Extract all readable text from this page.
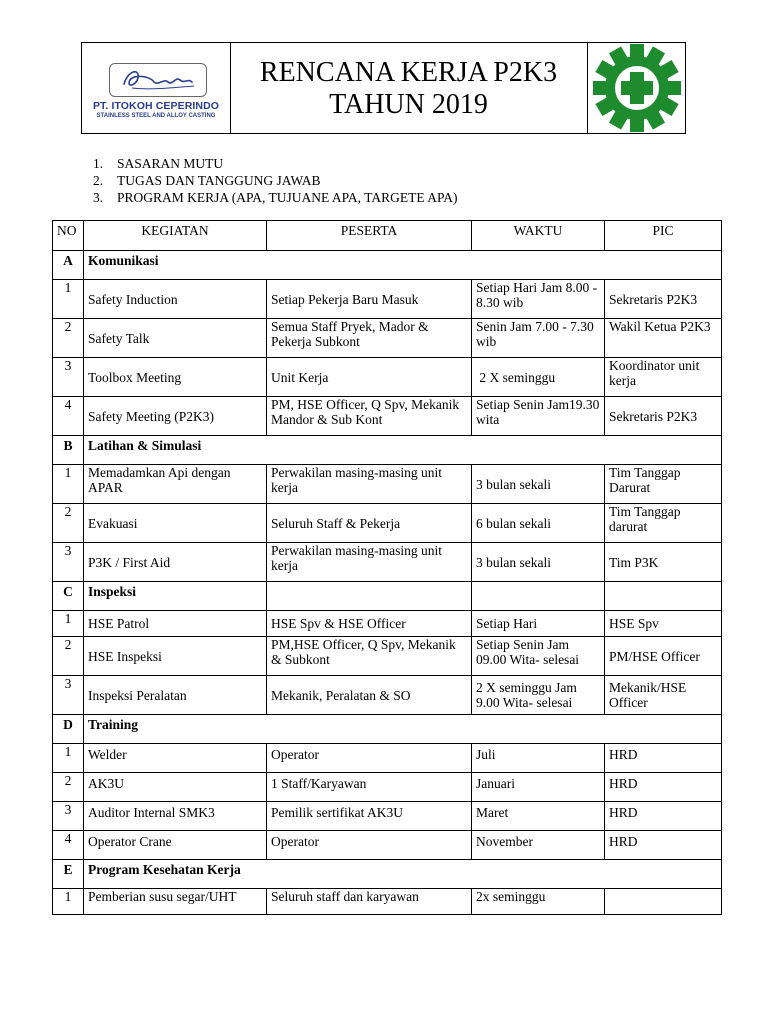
PT. ITOKOH CEPERINDO
STAINLESS STEEL AND ALLOY CASTING
RENCANA KERJA P2K3
TAHUN 2019
1. SASARAN MUTU
2. TUGAS DAN TANGGUNG JAWAB
3. PROGRAM KERJA (APA, TUJUANE APA, TARGETE APA)
NO	KEGIATAN	PESERTA	WAKTU	PIC
A	Komunikasi			
1	Safety Induction	Setiap Pekerja Baru Masuk	Setiap Hari Jam 8.00 - 8.30 wib	Sekretaris P2K3
2	Safety Talk	Semua Staff Pryek, Mador & Pekerja Subkont	Senin Jam 7.00 - 7.30 wib	Wakil Ketua P2K3
3	Toolbox Meeting	Unit Kerja	2 X seminggu	Koordinator unit kerja
4	Safety Meeting (P2K3)	PM, HSE Officer, Q Spv, Mekanik Mandor & Sub Kont	Setiap Senin Jam19.30 wita	Sekretaris P2K3
B	Latihan & Simulasi			
1	Memadamkan Api dengan APAR	Perwakilan masing-masing unit kerja	3 bulan sekali	Tim Tanggap Darurat
2	Evakuasi	Seluruh Staff & Pekerja	6 bulan sekali	Tim Tanggap darurat
3	P3K / First Aid	Perwakilan masing-masing unit kerja	3 bulan sekali	Tim P3K
C	Inspeksi			
1	HSE Patrol	HSE Spv & HSE Officer	Setiap Hari	HSE Spv
2	HSE Inspeksi	PM,HSE Officer, Q Spv, Mekanik & Subkont	Setiap Senin Jam 09.00 Wita- selesai	PM/HSE Officer
3	Inspeksi Peralatan	Mekanik, Peralatan & SO	2 X seminggu Jam 9.00 Wita- selesai	Mekanik/HSE Officer
D	Training			
1	Welder	Operator	Juli	HRD
2	AK3U	1 Staff/Karyawan	Januari	HRD
3	Auditor Internal SMK3	Pemilik sertifikat AK3U	Maret	HRD
4	Operator Crane	Operator	November	HRD
E	Program Kesehatan Kerja			
1	Pemberian susu segar/UHT	Seluruh staff dan karyawan	2x seminggu	
